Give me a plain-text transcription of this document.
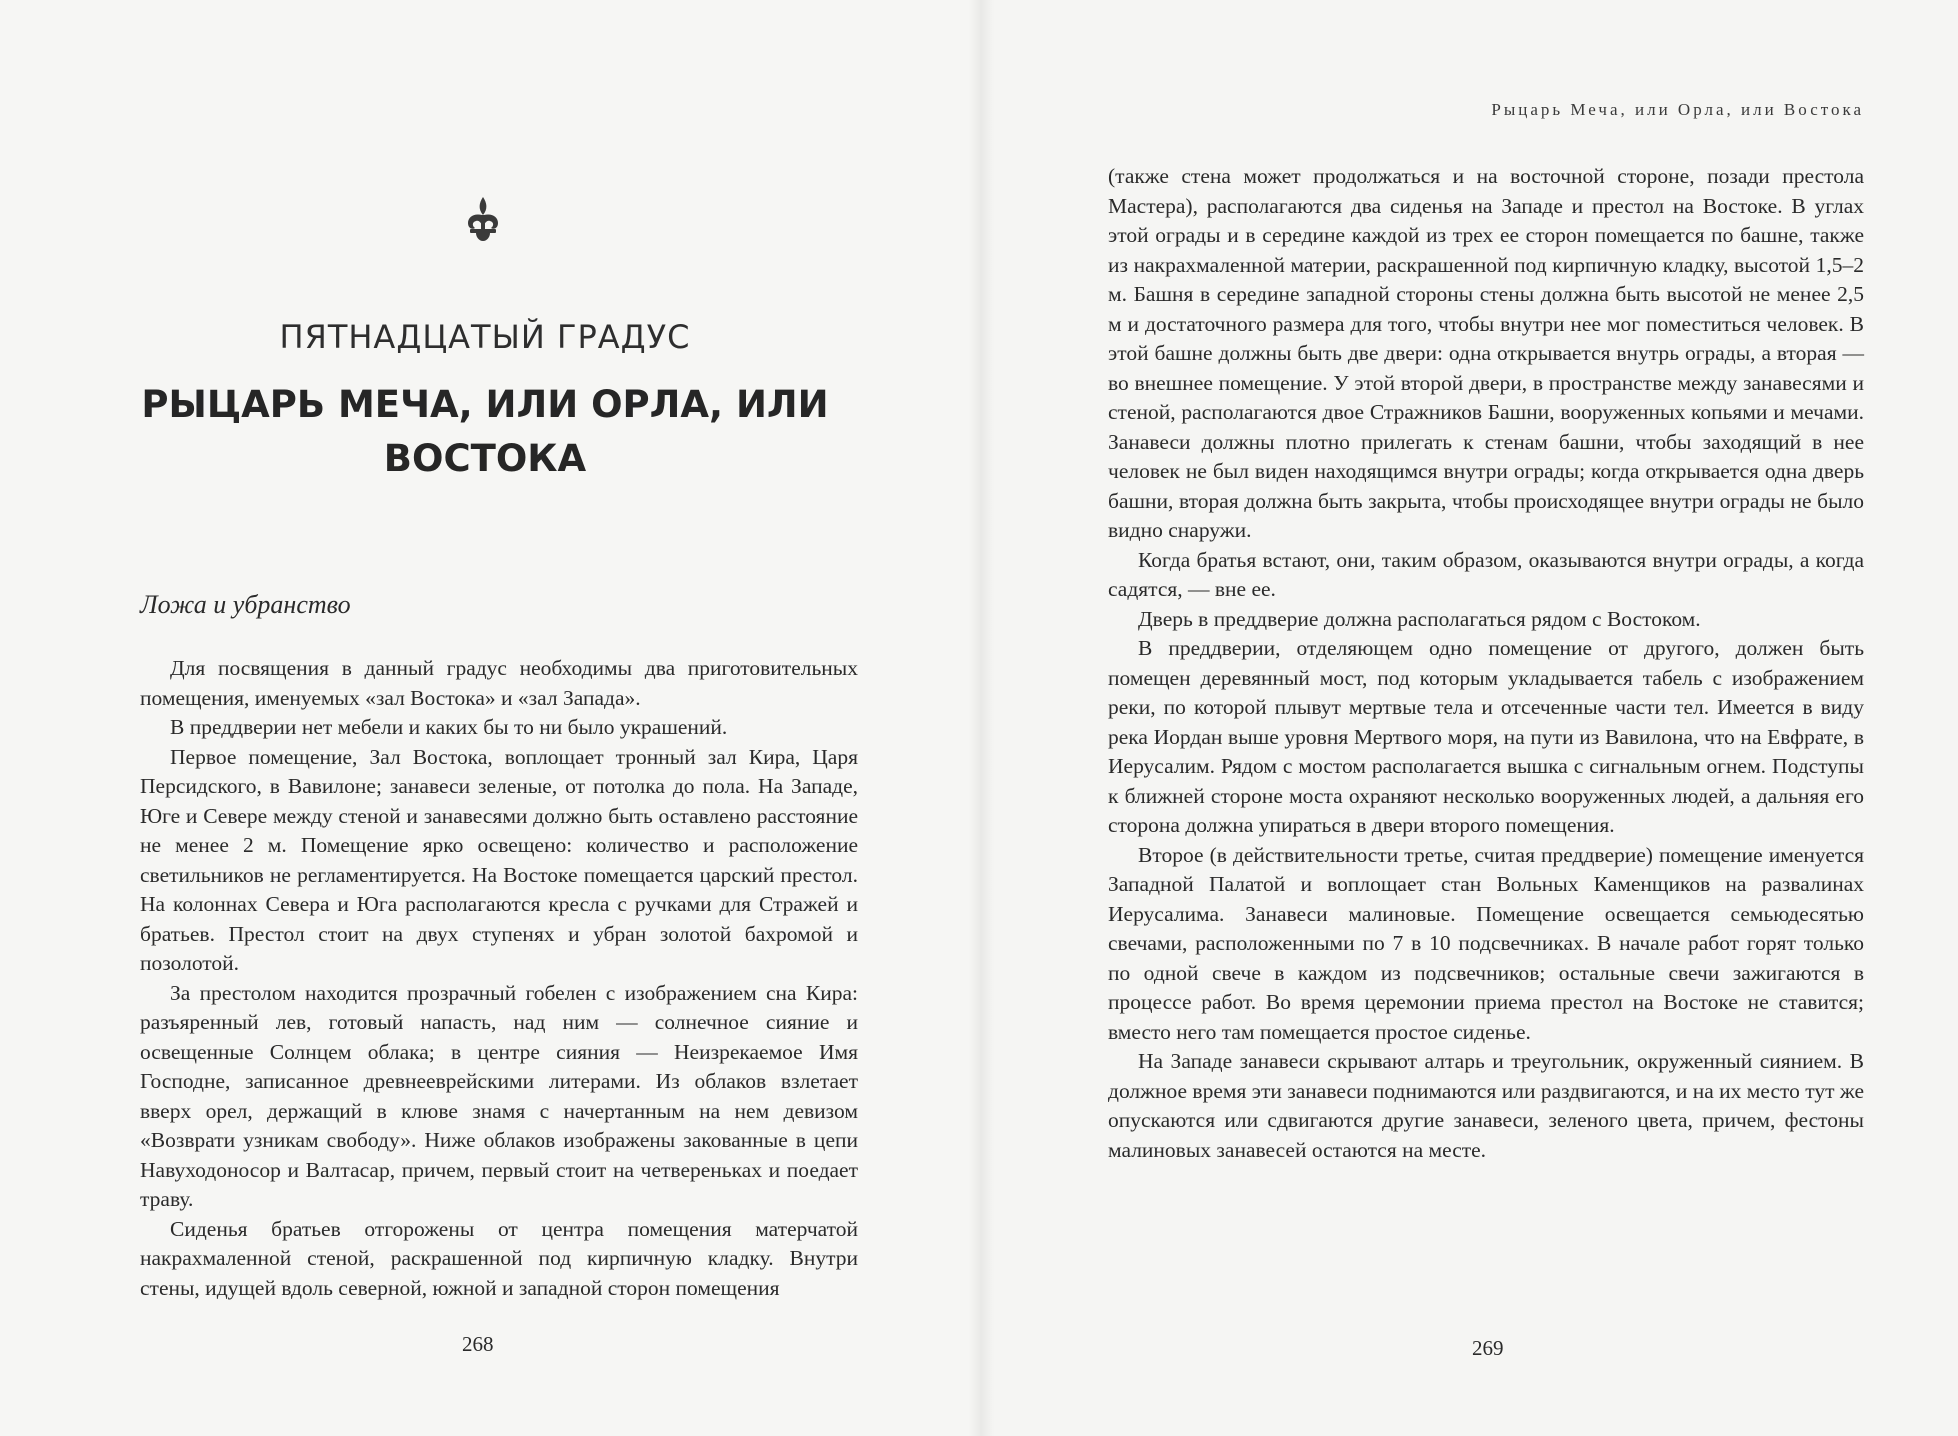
ПЯТНАДЦАТЫЙ ГРАДУС
РЫЦАРЬ МЕЧА, ИЛИ ОРЛА, ИЛИ ВОСТОКА
Ложа и убранство

Для посвящения в данный градус необходимы два приготовительных помещения, именуемых «зал Востока» и «зал Запада».

В преддверии нет мебели и каких бы то ни было украшений.

Первое помещение, Зал Востока, воплощает тронный зал Кира, Царя Персидского, в Вавилоне; занавеси зеленые, от потолка до пола. На Западе, Юге и Севере между стеной и занавесями должно быть оставлено расстояние не менее 2 м. Помещение ярко освещено: количество и расположение светильников не регламентируется. На Востоке помещается царский престол. На колоннах Севера и Юга располагаются кресла с ручками для Стражей и братьев. Престол стоит на двух ступенях и убран золотой бахромой и позолотой.

За престолом находится прозрачный гобелен с изображением сна Кира: разъяренный лев, готовый напасть, над ним — солнечное сияние и освещенные Солнцем облака; в центре сияния — Неизрекаемое Имя Господне, записанное древнееврейскими литерами. Из облаков взлетает вверх орел, держащий в клюве знамя с начертанным на нем девизом «Возврати узникам свободу». Ниже облаков изображены закованные в цепи Навуходоносор и Валтасар, причем, первый стоит на четвереньках и поедает траву.

Сиденья братьев отгорожены от центра помещения матерчатой накрахмаленной стеной, раскрашенной под кирпичную кладку. Внутри стены, идущей вдоль северной, южной и западной сторон помещения

268
Рыцарь Меча, или Орла, или Востока

(также стена может продолжаться и на восточной стороне, позади престола Мастера), располагаются два сиденья на Западе и престол на Востоке. В углах этой ограды и в середине каждой из трех ее сторон помещается по башне, также из накрахмаленной материи, раскрашенной под кирпичную кладку, высотой 1,5–2 м. Башня в середине западной стороны стены должна быть высотой не менее 2,5 м и достаточного размера для того, чтобы внутри нее мог поместиться человек. В этой башне должны быть две двери: одна открывается внутрь ограды, а вторая — во внешнее помещение. У этой второй двери, в пространстве между занавесями и стеной, располагаются двое Стражников Башни, вооруженных копьями и мечами. Занавеси должны плотно прилегать к стенам башни, чтобы заходящий в нее человек не был виден находящимся внутри ограды; когда открывается одна дверь башни, вторая должна быть закрыта, чтобы происходящее внутри ограды не было видно снаружи.

Когда братья встают, они, таким образом, оказываются внутри ограды, а когда садятся, — вне ее.

Дверь в преддверие должна располагаться рядом с Востоком.

В преддверии, отделяющем одно помещение от другого, должен быть помещен деревянный мост, под которым укладывается табель с изображением реки, по которой плывут мертвые тела и отсеченные части тел. Имеется в виду река Иордан выше уровня Мертвого моря, на пути из Вавилона, что на Евфрате, в Иерусалим. Рядом с мостом располагается вышка с сигнальным огнем. Подступы к ближней стороне моста охраняют несколько вооруженных людей, а дальняя его сторона должна упираться в двери второго помещения.

Второе (в действительности третье, считая преддверие) помещение именуется Западной Палатой и воплощает стан Вольных Каменщиков на развалинах Иерусалима. Занавеси малиновые. Помещение освещается семьюдесятью свечами, расположенными по 7 в 10 подсвечниках. В начале работ горят только по одной свече в каждом из подсвечников; остальные свечи зажигаются в процессе работ. Во время церемонии приема престол на Востоке не ставится; вместо него там помещается простое сиденье.

На Западе занавеси скрывают алтарь и треугольник, окруженный сиянием. В должное время эти занавеси поднимаются или раздвигаются, и на их место тут же опускаются или сдвигаются другие занавеси, зеленого цвета, причем, фестоны малиновых занавесей остаются на месте.

269
